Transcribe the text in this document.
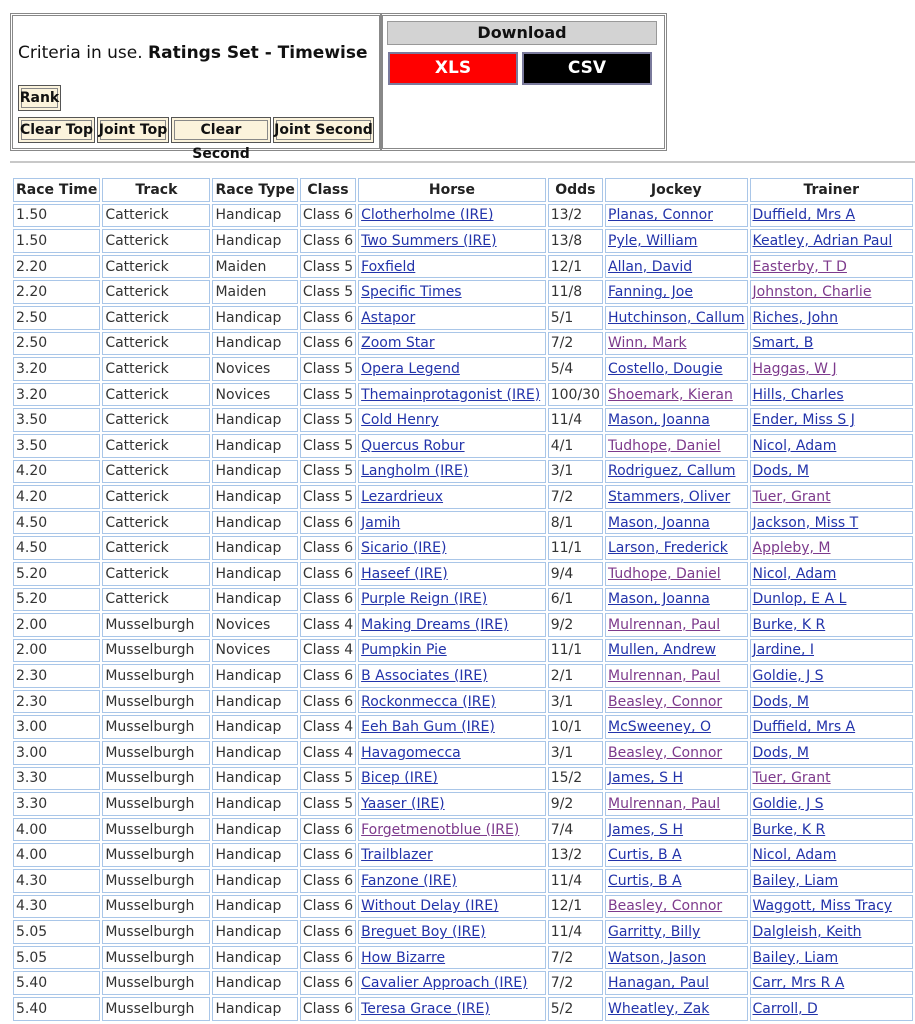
Criteria in use. Ratings Set - Timewise
Rank
Clear Top Joint Top	Clear Second
Joint Second
Download
XLS	CSV
Race Time	Track	Race Type	Class	Horse	Odds	Jockey	Trainer
1.50	Catterick	Handicap	Class 6	Clotherholme (IRE)	13/2	Planas, Connor	Duffield, Mrs A
1.50	Catterick	Handicap	Class 6	Two Summers (IRE)	13/8	Pyle, William	Keatley, Adrian Paul
2.20	Catterick	Maiden	Class 5	Foxfield	12/1	Allan, David	Easterby, T D
2.20	Catterick	Maiden	Class 5	Specific Times	11/8	Fanning, Joe	Johnston, Charlie
2.50	Catterick	Handicap	Class 6	Astapor	5/1	Hutchinson, Callum	Riches, John
2.50	Catterick	Handicap	Class 6	Zoom Star	7/2	Winn, Mark	Smart, B
3.20	Catterick	Novices	Class 5	Opera Legend	5/4	Costello, Dougie	Haggas, W J
3.20	Catterick	Novices	Class 5	Themainprotagonist (IRE)	100/30	Shoemark, Kieran	Hills, Charles
3.50	Catterick	Handicap	Class 5	Cold Henry	11/4	Mason, Joanna	Ender, Miss S J
3.50	Catterick	Handicap	Class 5	Quercus Robur	4/1	Tudhope, Daniel	Nicol, Adam
4.20	Catterick	Handicap	Class 5	Langholm (IRE)	3/1	Rodriguez, Callum	Dods, M
4.20	Catterick	Handicap	Class 5	Lezardrieux	7/2	Stammers, Oliver	Tuer, Grant
4.50	Catterick	Handicap	Class 6	Jamih	8/1	Mason, Joanna	Jackson, Miss T
4.50	Catterick	Handicap	Class 6	Sicario (IRE)	11/1	Larson, Frederick	Appleby, M
5.20	Catterick	Handicap	Class 6	Haseef (IRE)	9/4	Tudhope, Daniel	Nicol, Adam
5.20	Catterick	Handicap	Class 6	Purple Reign (IRE)	6/1	Mason, Joanna	Dunlop, E A L
2.00	Musselburgh	Novices	Class 4	Making Dreams (IRE)	9/2	Mulrennan, Paul	Burke, K R
2.00	Musselburgh	Novices	Class 4	Pumpkin Pie	11/1	Mullen, Andrew	Jardine, I
2.30	Musselburgh	Handicap	Class 6	B Associates (IRE)	2/1	Mulrennan, Paul	Goldie, J S
2.30	Musselburgh	Handicap	Class 6	Rockonmecca (IRE)	3/1	Beasley, Connor	Dods, M
3.00	Musselburgh	Handicap	Class 4	Eeh Bah Gum (IRE)	10/1	McSweeney, O	Duffield, Mrs A
3.00	Musselburgh	Handicap	Class 4	Havagomecca	3/1	Beasley, Connor	Dods, M
3.30	Musselburgh	Handicap	Class 5	Bicep (IRE)	15/2	James, S H	Tuer, Grant
3.30	Musselburgh	Handicap	Class 5	Yaaser (IRE)	9/2	Mulrennan, Paul	Goldie, J S
4.00	Musselburgh	Handicap	Class 6	Forgetmenotblue (IRE)	7/4	James, S H	Burke, K R
4.00	Musselburgh	Handicap	Class 6	Trailblazer	13/2	Curtis, B A	Nicol, Adam
4.30	Musselburgh	Handicap	Class 6	Fanzone (IRE)	11/4	Curtis, B A	Bailey, Liam
4.30	Musselburgh	Handicap	Class 6	Without Delay (IRE)	12/1	Beasley, Connor	Waggott, Miss Tracy
5.05	Musselburgh	Handicap	Class 6	Breguet Boy (IRE)	11/4	Garritty, Billy	Dalgleish, Keith
5.05	Musselburgh	Handicap	Class 6	How Bizarre	7/2	Watson, Jason	Bailey, Liam
5.40	Musselburgh	Handicap	Class 6	Cavalier Approach (IRE)	7/2	Hanagan, Paul	Carr, Mrs R A
5.40	Musselburgh	Handicap	Class 6	Teresa Grace (IRE)	5/2	Wheatley, Zak	Carroll, D
